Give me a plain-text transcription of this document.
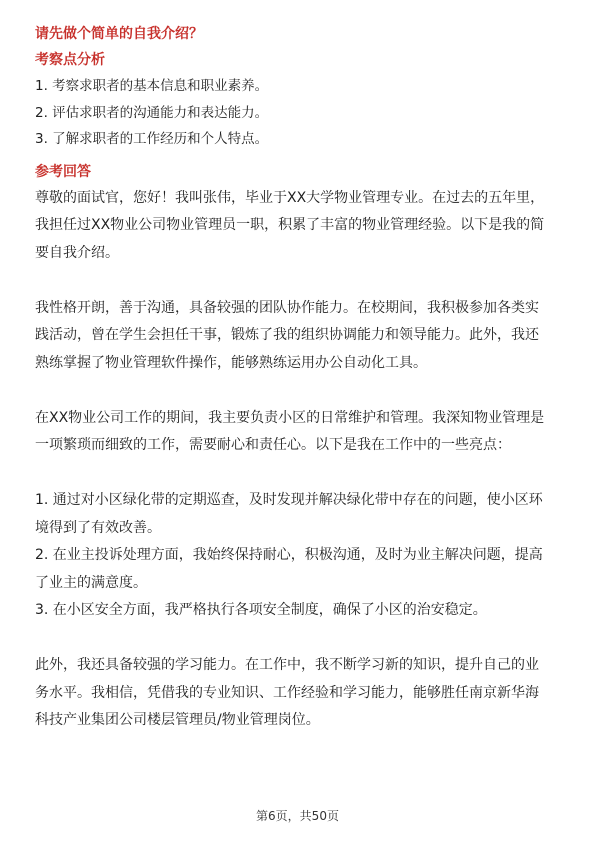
请先做个简单的自我介绍？
考察点分析
1. 考察求职者的基本信息和职业素养。
2. 评估求职者的沟通能力和表达能力。
3. 了解求职者的工作经历和个人特点。
参考回答

尊敬的面试官，您好！我叫张伟，毕业于XX大学物业管理专业。在过去的五年里，

我担任过XX物业公司物业管理员一职，积累了丰富的物业管理经验。以下是我的简

要自我介绍。

我性格开朗，善于沟通，具备较强的团队协作能力。在校期间，我积极参加各类实

践活动，曾在学生会担任干事，锻炼了我的组织协调能力和领导能力。此外，我还

熟练掌握了物业管理软件操作，能够熟练运用办公自动化工具。

在XX物业公司工作的期间，我主要负责小区的日常维护和管理。我深知物业管理是

一项繁琐而细致的工作，需要耐心和责任心。以下是我在工作中的一些亮点：

1. 通过对小区绿化带的定期巡查，及时发现并解决绿化带中存在的问题，使小区环

境得到了有效改善。

2. 在业主投诉处理方面，我始终保持耐心，积极沟通，及时为业主解决问题，提高

了业主的满意度。

3. 在小区安全方面，我严格执行各项安全制度，确保了小区的治安稳定。

此外，我还具备较强的学习能力。在工作中，我不断学习新的知识，提升自己的业

务水平。我相信，凭借我的专业知识、工作经验和学习能力，能够胜任南京新华海

科技产业集团公司楼层管理员/物业管理岗位。

第6页，共50页
